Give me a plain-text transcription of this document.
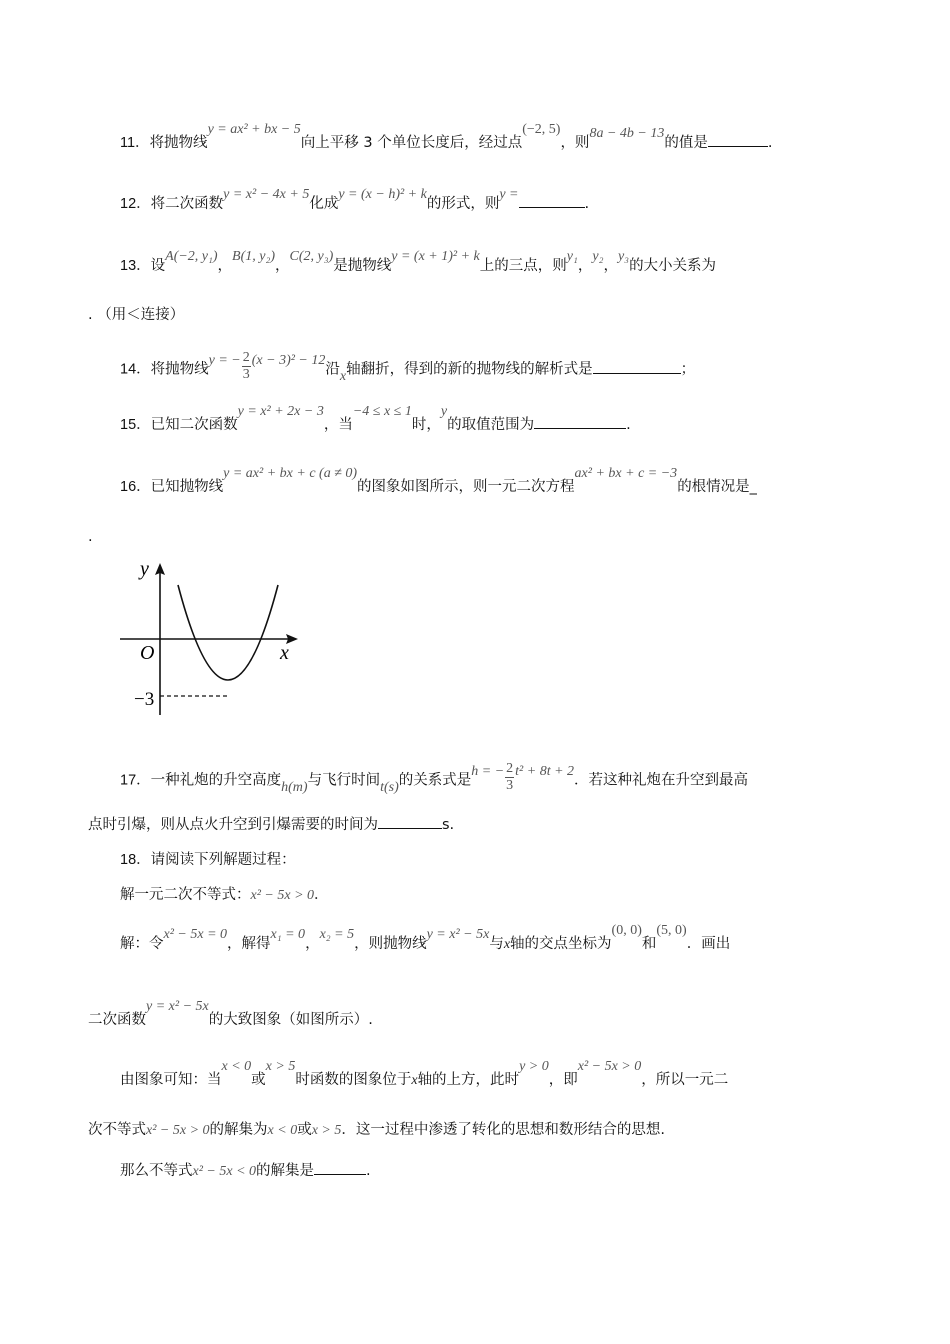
11．将抛物线y = ax² + bx − 5向上平移 3 个单位长度后，经过点(−2, 5)，则8a − 4b − 13的值是	.
12．将二次函数y = x² − 4x + 5化成y = (x − h)² + k的形式，则y =.
13．设A(−2, y₁)，B(1, y₂)，C(2, y₃)是抛物线y = (x + 1)² + k上的三点，则y₁，y₂，y₃的大小关系为
. （用＜连接）
14．将抛物线y = − $\frac{2}{3} (x - 3)^2 - 12$沿x轴翻折，得到的新的抛物线的解析式是	；
15．已知二次函数y = x² + 2x − 3，当−4 ≤ x ≤ 1时，y的取值范围为	.
16．已知抛物线y = ax² + bx + c (a ≠ 0)的图象如图所示，则一元二次方程ax² + bx + c = −3的根情况是_
.
y
x
O
−3
17．一种礼炮的升空高度h(m)与飞行时间t(s)的关系式是h = − $\frac{2}{3} t^2 + 8t + 2$．若这种礼炮在升空到最高
点时引爆，则从点火升空到引爆需要的时间为	s.
18．请阅读下列解题过程：
解一元二次不等式：x² − 5x > 0．
解：令x² − 5x = 0，解得x₁ = 0，x₂ = 5，则抛物线y = x² − 5x与x轴的交点坐标为(0, 0)和(5, 0)．画出
二次函数y = x² − 5x的大致图象（如图所示）.
由图象可知：当x < 0或x > 5时函数的图象位于x轴的上方，此时y > 0，即x² − 5x > 0，所以一元二
次不等式x² − 5x > 0的解集为x < 0或x > 5．这一过程中渗透了转化的思想和数形结合的思想.
那么不等式x² − 5x < 0的解集是	.
